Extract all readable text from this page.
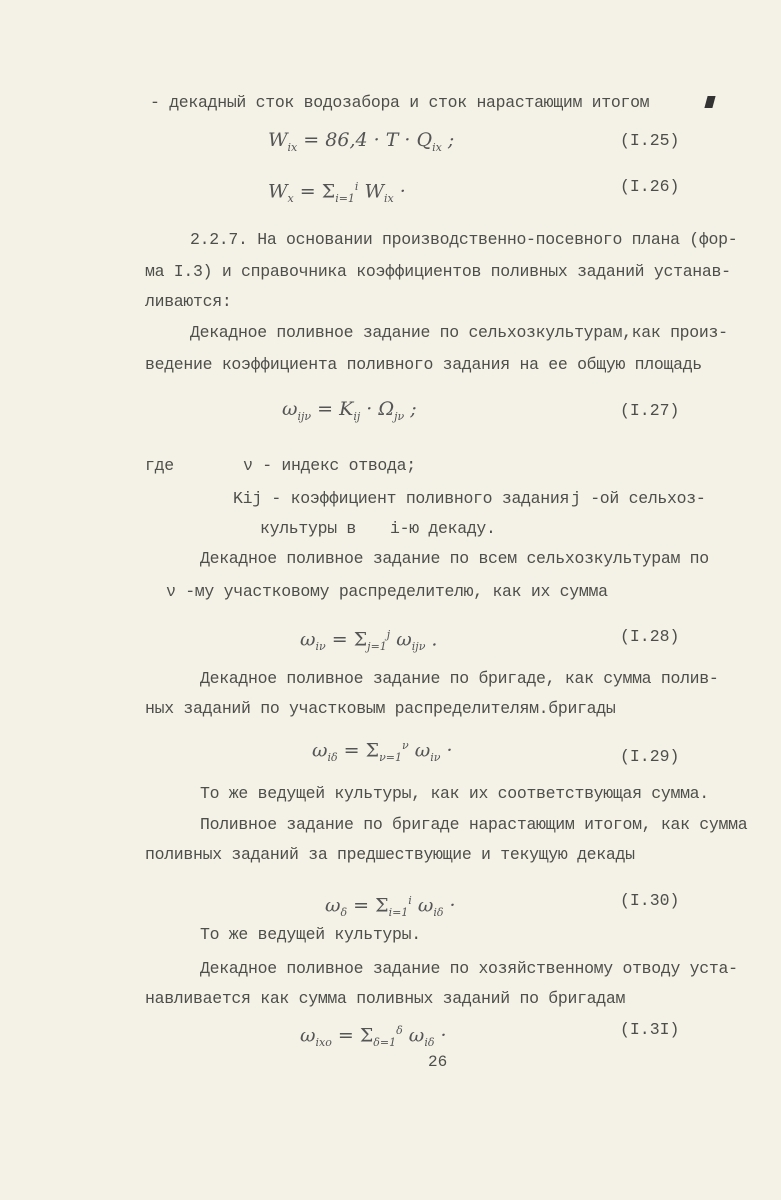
- декадный сток водозабора и сток нарастающим итогом
$W_{ix} = 86,4 \cdot T \cdot Q_{ix}$ ;	(I.25)
$W_x = \Sigma_{i=1}^i$ $W_{ix}$ ·	(I.26)
2.2.7. На основании производственно-посевного плана (фор-
ма I.3) и справочника коэффициентов поливных заданий устанав-
ливаются:
Декадное поливное задание по сельхозкультурам,как произ-
ведение коэффициента поливного задания на ее общую площадь
$\omega_{ij\nu} = K_{ij} \cdot \Omega_{j\nu}$ ;	(I.27)
где	ν - индекс отвода;
Kij - коэффициент поливного задания j -ой сельхоз-
культуры в i-ю декаду.
Декадное поливное задание по всем сельхозкультурам по
ν -му участковому распределителю, как их сумма
$\omega_{i\nu} = \Sigma_{j=1}^j$ $\omega_{ij\nu}$ .	(I.28)
Декадное поливное задание по бригаде, как сумма полив-
ных заданий по участковым распределителям.бригады
$\omega_{i\delta} = \Sigma_{\nu=1}^\nu$ $\omega_{i\nu}$ ·	(I.29)
То же ведущей культуры, как их соответствующая сумма.
Поливное задание по бригаде нарастающим итогом, как сумма
поливных заданий за предшествующие и текущую декады
$\omega_\delta = \Sigma_{i=1}^i$ $\omega_{i\delta}$ ·	(I.30)
То же ведущей культуры.
Декадное поливное задание по хозяйственному отводу уста-
навливается как сумма поливных заданий по бригадам
$\omega_{ixo} = \Sigma_{\delta=1}^\delta$ $\omega_{i\delta}$ ·	(I.3I)
26
